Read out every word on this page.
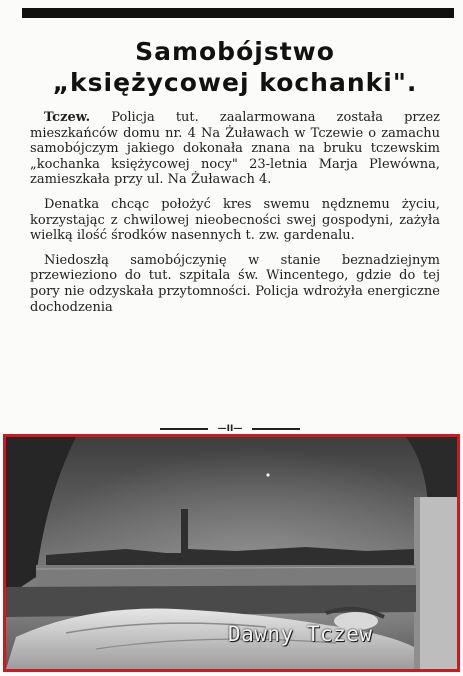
Samobójstwo
„księżycowej kochanki".

Tczew. Policja tut. zaalarmowana została przez mieszkańców domu nr. 4 Na Żuławach w Tczewie o zamachu samobójczym jakiego dokonała znana na bruku tczewskim „kochanka księżycowej nocy" 23-letnia Marja Plewówna, zamieszkała przy ul. Na Żuławach 4.

Denatka chcąc położyć kres swemu nędznemu życiu, korzystając z chwilowej nieobecności swej gospodyni, zażyła wielką ilość środków nasennych t. zw. gardenalu.

Niedoszłą samobójczynię w stanie beznadziejnym przewieziono do tut. szpitala św. Wincentego, gdzie do tej pory nie odzyskała przytomności. Policja wdrożyła energiczne dochodzenia

—II—
Dawny Tczew
